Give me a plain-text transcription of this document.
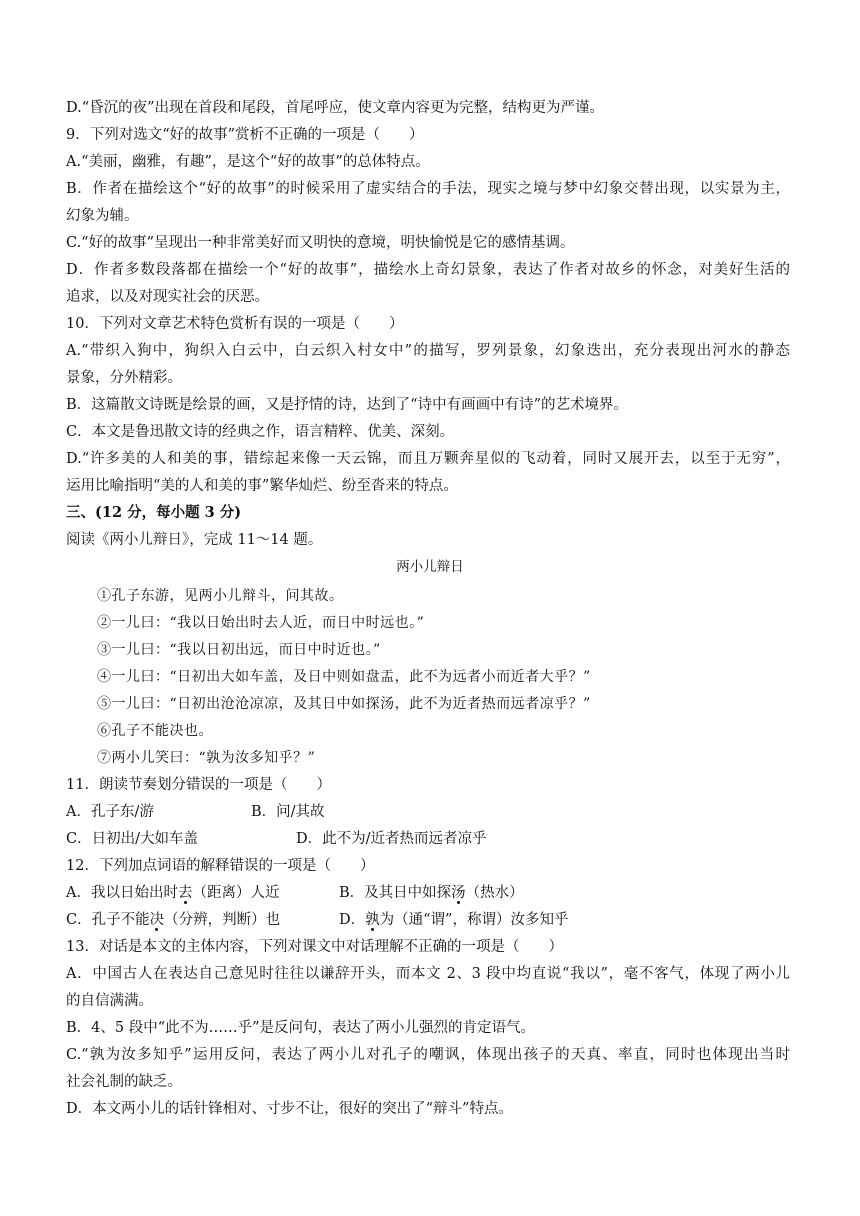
D.“昏沉的夜”出现在首段和尾段，首尾呼应，使文章内容更为完整，结构更为严谨。
9．下列对选文“好的故事”赏析不正确的一项是（　　）
A.“美丽，幽雅，有趣”，是这个“好的故事”的总体特点。
B．作者在描绘这个“好的故事”的时候采用了虚实结合的手法，现实之境与梦中幻象交替出现，以实景为主，
幻象为辅。
C.“好的故事”呈现出一种非常美好而又明快的意境，明快愉悦是它的感情基调。
D．作者多数段落都在描绘一个“好的故事”，描绘水上奇幻景象，表达了作者对故乡的怀念，对美好生活的
追求，以及对现实社会的厌恶。
10．下列对文章艺术特色赏析有误的一项是（　　）
A.“带织入狗中，狗织入白云中，白云织入村女中”的描写，罗列景象，幻象迭出，充分表现出河水的静态
景象，分外精彩。
B．这篇散文诗既是绘景的画，又是抒情的诗，达到了“诗中有画画中有诗”的艺术境界。
C．本文是鲁迅散文诗的经典之作，语言精粹、优美、深刻。
D.“许多美的人和美的事，错综起来像一天云锦，而且万颗奔星似的飞动着，同时又展开去，以至于无穷”，
运用比喻指明“美的人和美的事”繁华灿烂、纷至沓来的特点。
三、(12 分，每小题 3 分)
阅读《两小儿辩日》，完成 11～14 题。
两小儿辩日
①孔子东游，见两小儿辩斗，问其故。
②一儿曰：“我以日始出时去人近，而日中时远也。”
③一儿曰：“我以日初出远，而日中时近也。”
④一儿曰：“日初出大如车盖，及日中则如盘盂，此不为远者小而近者大乎？”
⑤一儿曰：“日初出沧沧凉凉，及其日中如探汤，此不为近者热而远者凉乎？”
⑥孔子不能决也。
⑦两小儿笑曰：“孰为汝多知乎？”
11．朗读节奏划分错误的一项是（　　）
A．孔子东/游	B．问/其故
C．日初出/大如车盖	D．此不为/近者热而远者凉乎
12．下列加点词语的解释错误的一项是（　　）
A．我以日始出时去（距离）人近	B．及其日中如探汤（热水）
C．孔子不能决（分辨，判断）也	D．孰为（通“谓”，称谓）汝多知乎
13．对话是本文的主体内容，下列对课文中对话理解不正确的一项是（　　）
A．中国古人在表达自己意见时往往以谦辞开头，而本文 2、3 段中均直说“我以”，毫不客气，体现了两小儿
的自信满满。
B．4、5 段中“此不为……乎”是反问句，表达了两小儿强烈的肯定语气。
C.“孰为汝多知乎”运用反问，表达了两小儿对孔子的嘲讽，体现出孩子的天真、率直，同时也体现出当时
社会礼制的缺乏。
D．本文两小儿的话针锋相对、寸步不让，很好的突出了“辩斗”特点。
